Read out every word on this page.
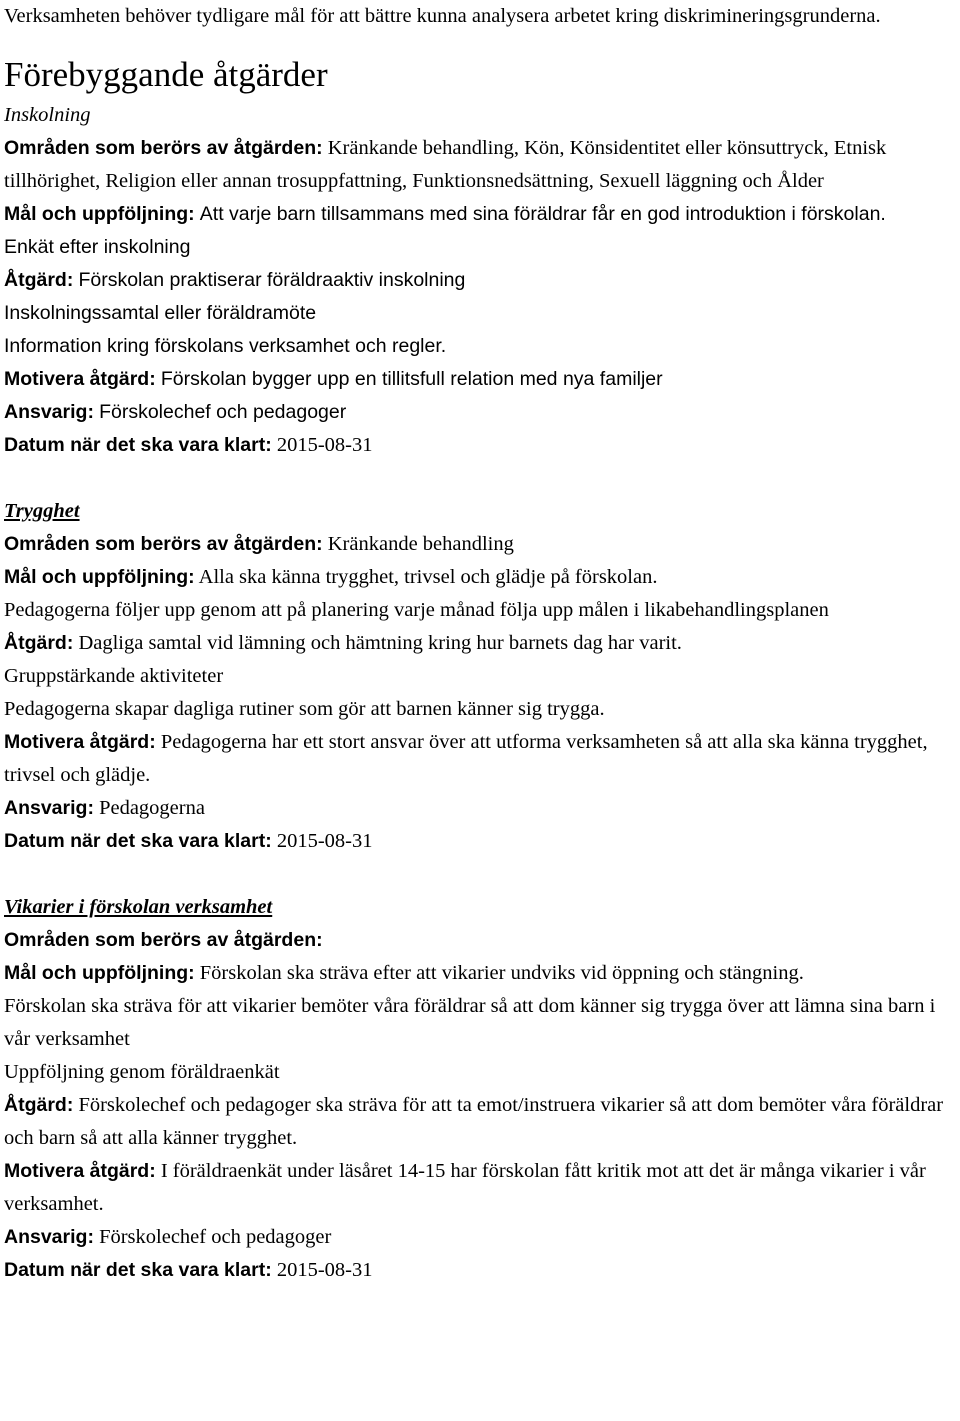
Verksamheten behöver tydligare mål för att bättre kunna analysera arbetet kring diskrimineringsgrunderna.

Förebyggande åtgärder

Inskolning

Områden som berörs av åtgärden: Kränkande behandling, Kön, Könsidentitet eller könsuttryck, Etnisk tillhörighet, Religion eller annan trosuppfattning, Funktionsnedsättning, Sexuell läggning och Ålder

Mål och uppföljning: Att varje barn tillsammans med sina föräldrar får en god introduktion i förskolan.

Enkät efter inskolning

Åtgärd: Förskolan praktiserar föräldraaktiv inskolning

Inskolningssamtal eller föräldramöte

Information kring förskolans verksamhet och regler.

Motivera åtgärd: Förskolan bygger upp en tillitsfull relation med nya familjer

Ansvarig: Förskolechef och pedagoger

Datum när det ska vara klart: 2015-08-31

Trygghet

Områden som berörs av åtgärden: Kränkande behandling

Mål och uppföljning: Alla ska känna trygghet, trivsel och glädje på förskolan.

Pedagogerna följer upp genom att på planering varje månad följa upp målen i likabehandlingsplanen

Åtgärd: Dagliga samtal vid lämning och hämtning kring hur barnets dag har varit.

Gruppstärkande aktiviteter

Pedagogerna skapar dagliga rutiner som gör att barnen känner sig trygga.

Motivera åtgärd: Pedagogerna har ett stort ansvar över att utforma verksamheten så att alla ska känna trygghet, trivsel och glädje.

Ansvarig: Pedagogerna

Datum när det ska vara klart: 2015-08-31

Vikarier i förskolan verksamhet

Områden som berörs av åtgärden:

Mål och uppföljning: Förskolan ska sträva efter att vikarier undviks vid öppning och stängning.

Förskolan ska sträva för att vikarier bemöter våra föräldrar så att dom känner sig trygga över att lämna sina barn i vår verksamhet

Uppföljning genom föräldraenkät

Åtgärd: Förskolechef och pedagoger ska sträva för att ta emot/instruera vikarier så att dom bemöter våra föräldrar och barn så att alla känner trygghet.

Motivera åtgärd: I föräldraenkät under läsåret 14-15 har förskolan fått kritik mot att det är många vikarier i vår verksamhet.

Ansvarig: Förskolechef och pedagoger

Datum när det ska vara klart: 2015-08-31
